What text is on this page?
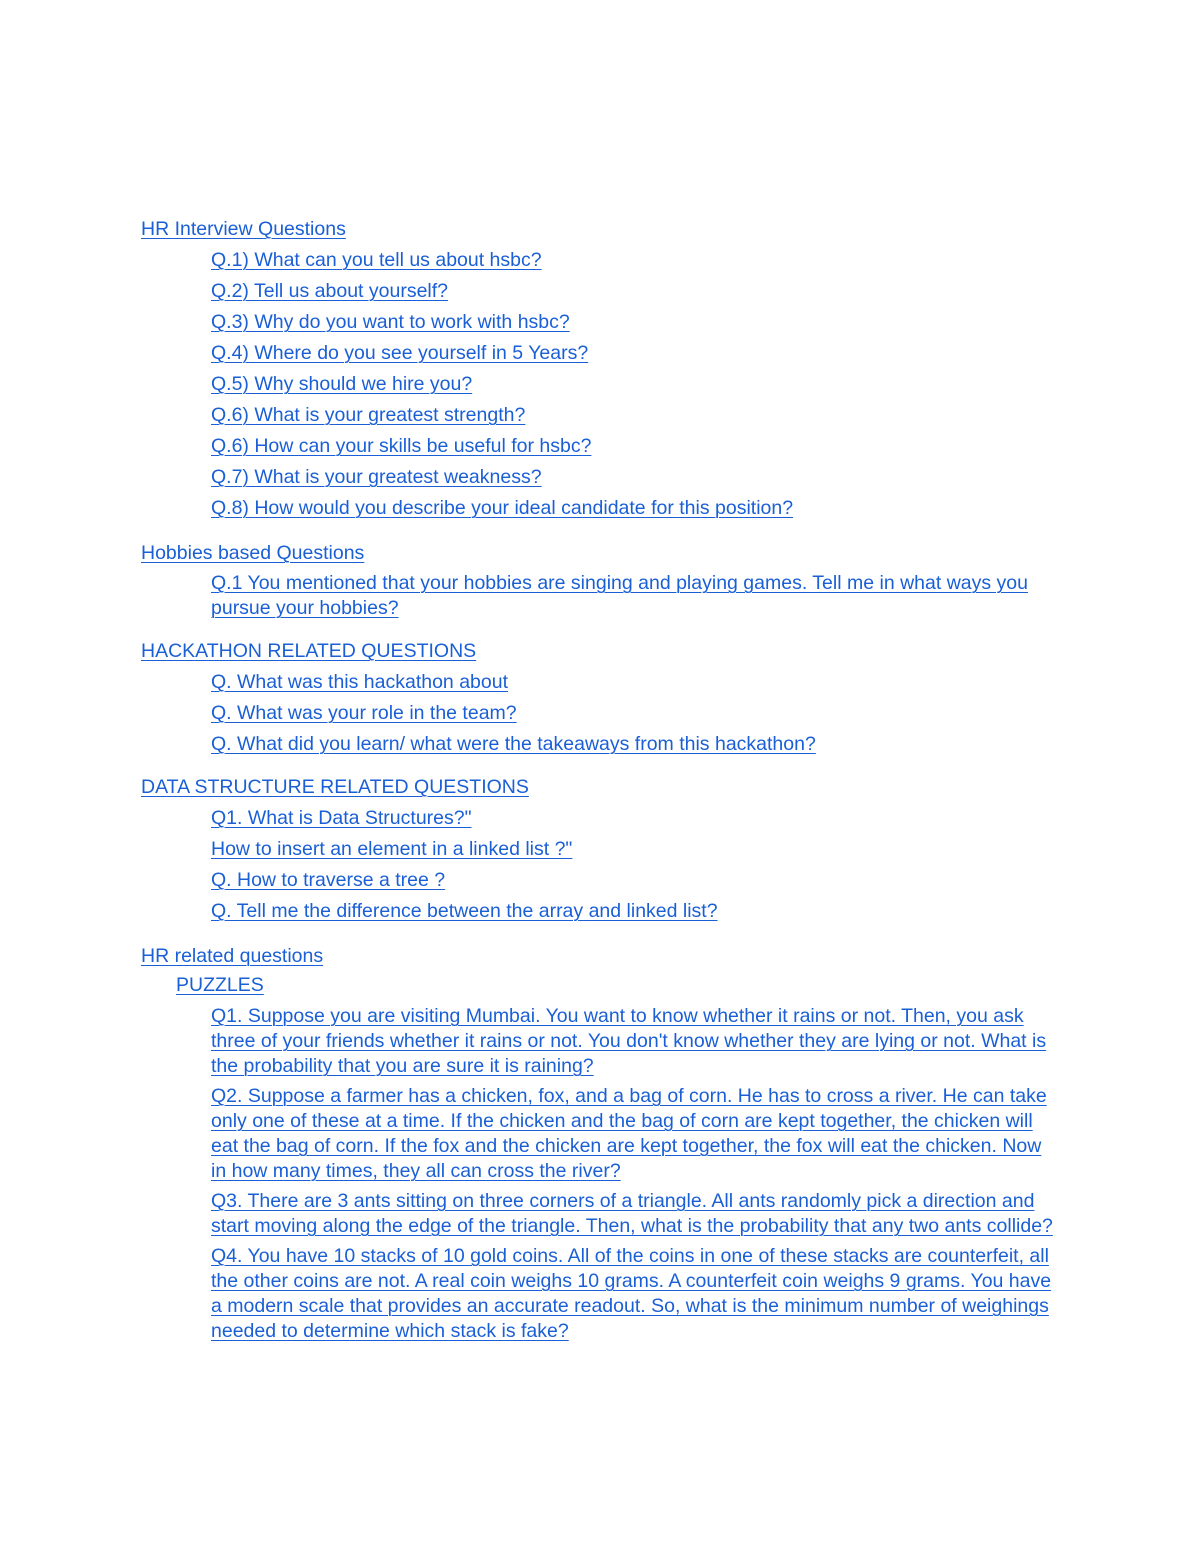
HR Interview Questions
Q.1) What can you tell us about hsbc?
Q.2) Tell us about yourself?
Q.3) Why do you want to work with hsbc?
Q.4) Where do you see yourself in 5 Years?
Q.5) Why should we hire you?
Q.6) What is your greatest strength?
Q.6) How can your skills be useful for hsbc?
Q.7) What is your greatest weakness?
Q.8) How would you describe your ideal candidate for this position?
Hobbies based Questions
Q.1 You mentioned that your hobbies are singing and playing games. Tell me in what ways you pursue your hobbies?
HACKATHON RELATED QUESTIONS
Q. What was this hackathon about
Q. What was your role in the team?
Q. What did you learn/ what were the takeaways from this hackathon?
DATA STRUCTURE RELATED QUESTIONS
Q1. What is Data Structures?"
How to insert an element in a linked list ?"
Q. How to traverse a tree ?
Q. Tell me the difference between the array and linked list?
HR related questions
PUZZLES
Q1. Suppose you are visiting Mumbai. You want to know whether it rains or not. Then, you ask three of your friends whether it rains or not. You don't know whether they are lying or not. What is the probability that you are sure it is raining?
Q2. Suppose a farmer has a chicken, fox, and a bag of corn. He has to cross a river. He can take only one of these at a time. If the chicken and the bag of corn are kept together, the chicken will eat the bag of corn. If the fox and the chicken are kept together, the fox will eat the chicken. Now in how many times, they all can cross the river?
Q3. There are 3 ants sitting on three corners of a triangle. All ants randomly pick a direction and start moving along the edge of the triangle. Then, what is the probability that any two ants collide?
Q4. You have 10 stacks of 10 gold coins. All of the coins in one of these stacks are counterfeit, all the other coins are not. A real coin weighs 10 grams. A counterfeit coin weighs 9 grams. You have a modern scale that provides an accurate readout. So, what is the minimum number of weighings needed to determine which stack is fake?
